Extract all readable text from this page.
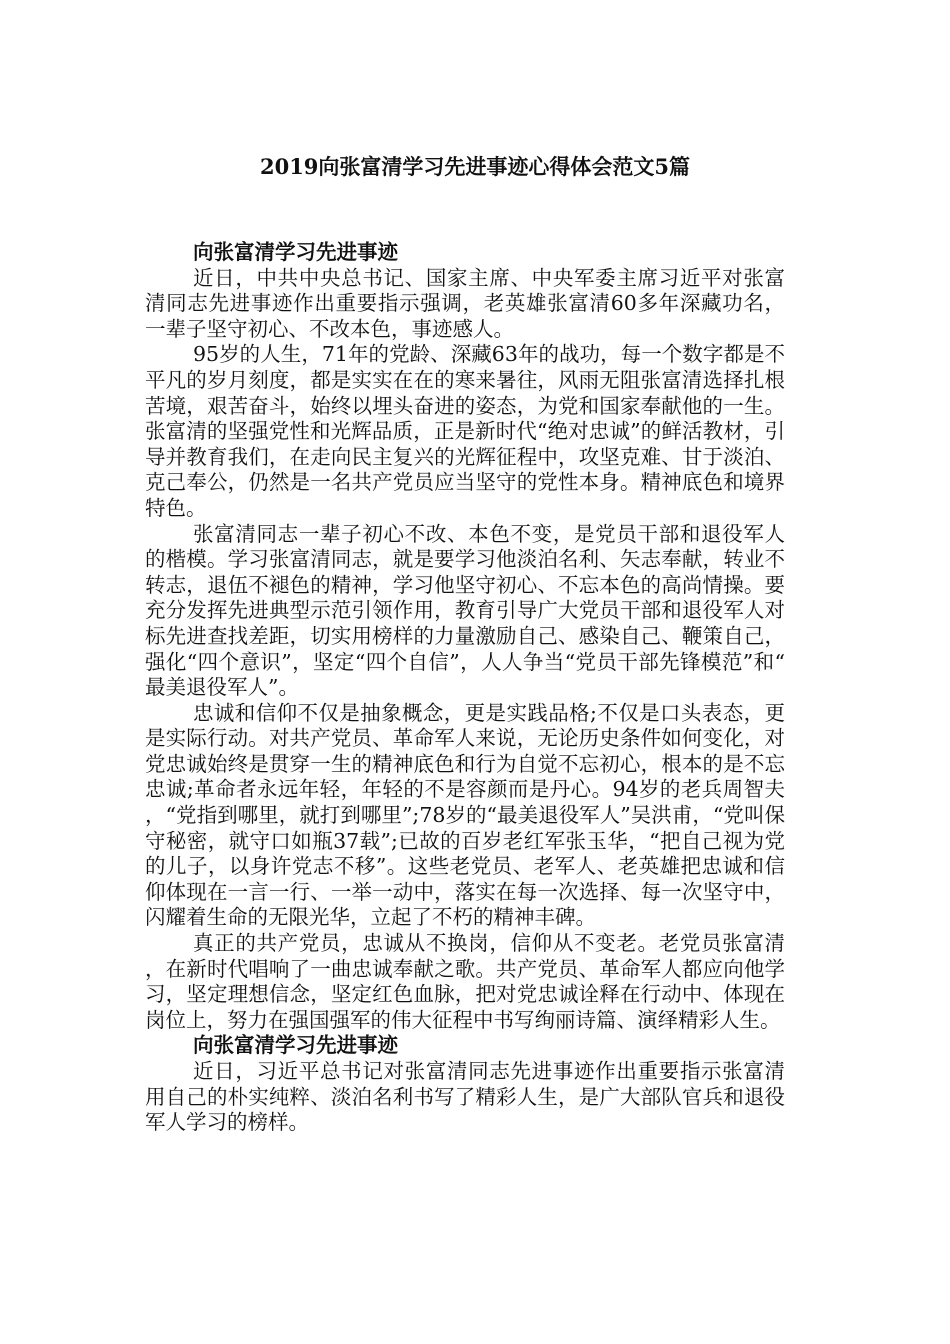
2019向张富清学习先进事迹心得体会范文5篇
向张富清学习先进事迹

近日，中共中央总书记、国家主席、中央军委主席习近平对张富清同志先进事迹作出重要指示强调，老英雄张富清60多年深藏功名，一辈子坚守初心、不改本色，事迹感人。

95岁的人生，71年的党龄、深藏63年的战功，每一个数字都是不平凡的岁月刻度，都是实实在在的寒来暑往，风雨无阻张富清选择扎根苦境，艰苦奋斗，始终以埋头奋进的姿态，为党和国家奉献他的一生。张富清的坚强党性和光辉品质，正是新时代“绝对忠诚”的鲜活教材，引导并教育我们，在走向民主复兴的光辉征程中，攻坚克难、甘于淡泊、克己奉公，仍然是一名共产党员应当坚守的党性本身。精神底色和境界特色。

张富清同志一辈子初心不改、本色不变，是党员干部和退役军人的楷模。学习张富清同志，就是要学习他淡泊名利、矢志奉献，转业不转志，退伍不褪色的精神，学习他坚守初心、不忘本色的高尚情操。要充分发挥先进典型示范引领作用，教育引导广大党员干部和退役军人对标先进查找差距，切实用榜样的力量激励自己、感染自己、鞭策自己，强化“四个意识”，坚定“四个自信”，人人争当“党员干部先锋模范”和“最美退役军人”。

忠诚和信仰不仅是抽象概念，更是实践品格;不仅是口头表态，更是实际行动。对共产党员、革命军人来说，无论历史条件如何变化，对党忠诚始终是贯穿一生的精神底色和行为自觉不忘初心，根本的是不忘忠诚;革命者永远年轻，年轻的不是容颜而是丹心。94岁的老兵周智夫，“党指到哪里，就打到哪里”;78岁的“最美退役军人”吴洪甫，“党叫保守秘密，就守口如瓶37载”;已故的百岁老红军张玉华，“把自己视为党的儿子，以身许党志不移”。这些老党员、老军人、老英雄把忠诚和信仰体现在一言一行、一举一动中，落实在每一次选择、每一次坚守中，闪耀着生命的无限光华，立起了不朽的精神丰碑。

真正的共产党员，忠诚从不换岗，信仰从不变老。老党员张富清，在新时代唱响了一曲忠诚奉献之歌。共产党员、革命军人都应向他学习，坚定理想信念，坚定红色血脉，把对党忠诚诠释在行动中、体现在岗位上，努力在强国强军的伟大征程中书写绚丽诗篇、演绎精彩人生。

向张富清学习先进事迹

近日，习近平总书记对张富清同志先进事迹作出重要指示张富清用自己的朴实纯粹、淡泊名利书写了精彩人生，是广大部队官兵和退役军人学习的榜样。
